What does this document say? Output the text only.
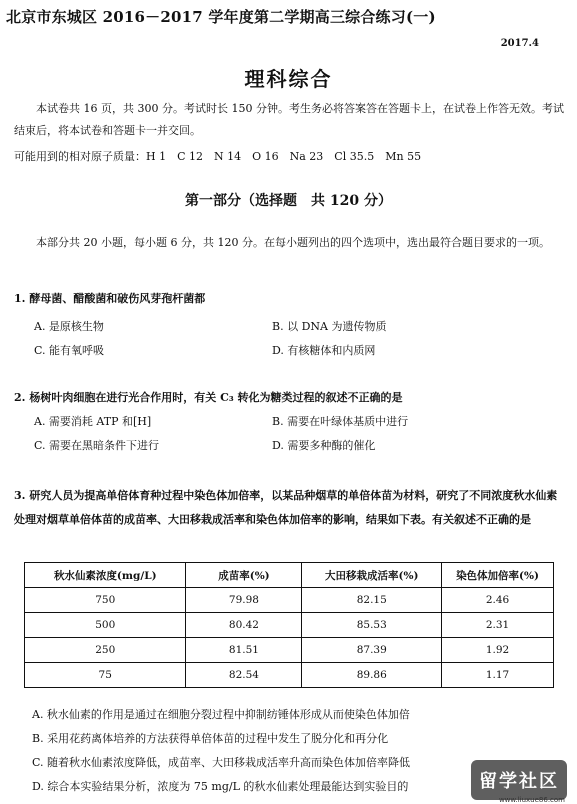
北京市东城区 2016－2017 学年度第二学期高三综合练习(一)
2017.4
理科综合
本试卷共 16 页，共 300 分。考试时长 150 分钟。考生务必将答案答在答题卡上，在试卷上作答无效。考试结束后，将本试卷和答题卡一并交回。
可能用到的相对原子质量：H 1　C 12　N 14　O 16　Na 23　Cl 35.5　Mn 55
第一部分（选择题　共 120 分）
本部分共 20 小题，每小题 6 分，共 120 分。在每小题列出的四个选项中，选出最符合题目要求的一项。
1. 酵母菌、醋酸菌和破伤风芽孢杆菌都
A. 是原核生物	B. 以 DNA 为遗传物质
C. 能有氧呼吸	D. 有核糖体和内质网
2. 杨树叶肉细胞在进行光合作用时，有关 C₃ 转化为糖类过程的叙述不正确的是
A. 需要消耗 ATP 和[H]	B. 需要在叶绿体基质中进行
C. 需要在黑暗条件下进行	D. 需要多种酶的催化
3. 研究人员为提高单倍体育种过程中染色体加倍率，以某品种烟草的单倍体苗为材料，研究了不同浓度秋水仙素处理对烟草单倍体苗的成苗率、大田移栽成活率和染色体加倍率的影响，结果如下表。有关叙述不正确的是
秋水仙素浓度(mg/L)	成苗率(%)	大田移栽成活率(%)	染色体加倍率(%)
750	79.98	82.15	2.46
500	80.42	85.53	2.31
250	81.51	87.39	1.92
75	82.54	89.86	1.17
A. 秋水仙素的作用是通过在细胞分裂过程中抑制纺锤体形成从而使染色体加倍
B. 采用花药离体培养的方法获得单倍体苗的过程中发生了脱分化和再分化
C. 随着秋水仙素浓度降低，成苗率、大田移栽成活率升高而染色体加倍率降低
D. 综合本实验结果分析，浓度为 75 mg/L 的秋水仙素处理最能达到实验目的	留学社区
www.liuxue86.com
